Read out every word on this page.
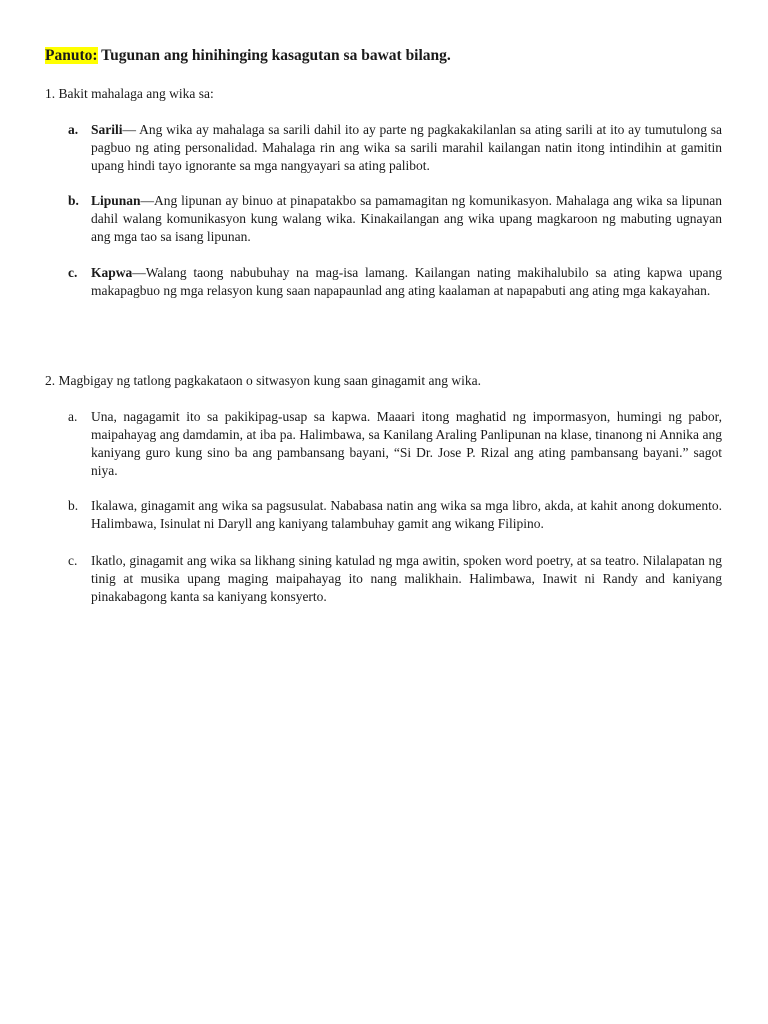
Panuto: Tugunan ang hinihinging kasagutan sa bawat bilang.
1. Bakit mahalaga ang wika sa:
a. Sarili— Ang wika ay mahalaga sa sarili dahil ito ay parte ng pagkakakilanlan sa ating sarili at ito ay tumutulong sa pagbuo ng ating personalidad. Mahalaga rin ang wika sa sarili marahil kailangan natin itong intindihin at gamitin upang hindi tayo ignorante sa mga nangyayari sa ating palibot.
b. Lipunan—Ang lipunan ay binuo at pinapatakbo sa pamamagitan ng komunikasyon. Mahalaga ang wika sa lipunan dahil walang komunikasyon kung walang wika. Kinakailangan ang wika upang magkaroon ng mabuting ugnayan ang mga tao sa isang lipunan.
c. Kapwa—Walang taong nabubuhay na mag-isa lamang. Kailangan nating makihalubilo sa ating kapwa upang makapagbuo ng mga relasyon kung saan napapaunlad ang ating kaalaman at napapabuti ang ating mga kakayahan.
2. Magbigay ng tatlong pagkakataon o sitwasyon kung saan ginagamit ang wika.
a. Una, nagagamit ito sa pakikipag-usap sa kapwa. Maaari itong maghatid ng impormasyon, humingi ng pabor, maipahayag ang damdamin, at iba pa. Halimbawa, sa Kanilang Araling Panlipunan na klase, tinanong ni Annika ang kaniyang guro kung sino ba ang pambansang bayani, “Si Dr. Jose P. Rizal ang ating pambansang bayani.” sagot niya.
b. Ikalawa, ginagamit ang wika sa pagsusulat. Nababasa natin ang wika sa mga libro, akda, at kahit anong dokumento. Halimbawa, Isinulat ni Daryll ang kaniyang talambuhay gamit ang wikang Filipino.
c. Ikatlo, ginagamit ang wika sa likhang sining katulad ng mga awitin, spoken word poetry, at sa teatro. Nilalapatan ng tinig at musika upang maging maipahayag ito nang malikhain. Halimbawa, Inawit ni Randy and kaniyang pinakabagong kanta sa kaniyang konsyerto.
